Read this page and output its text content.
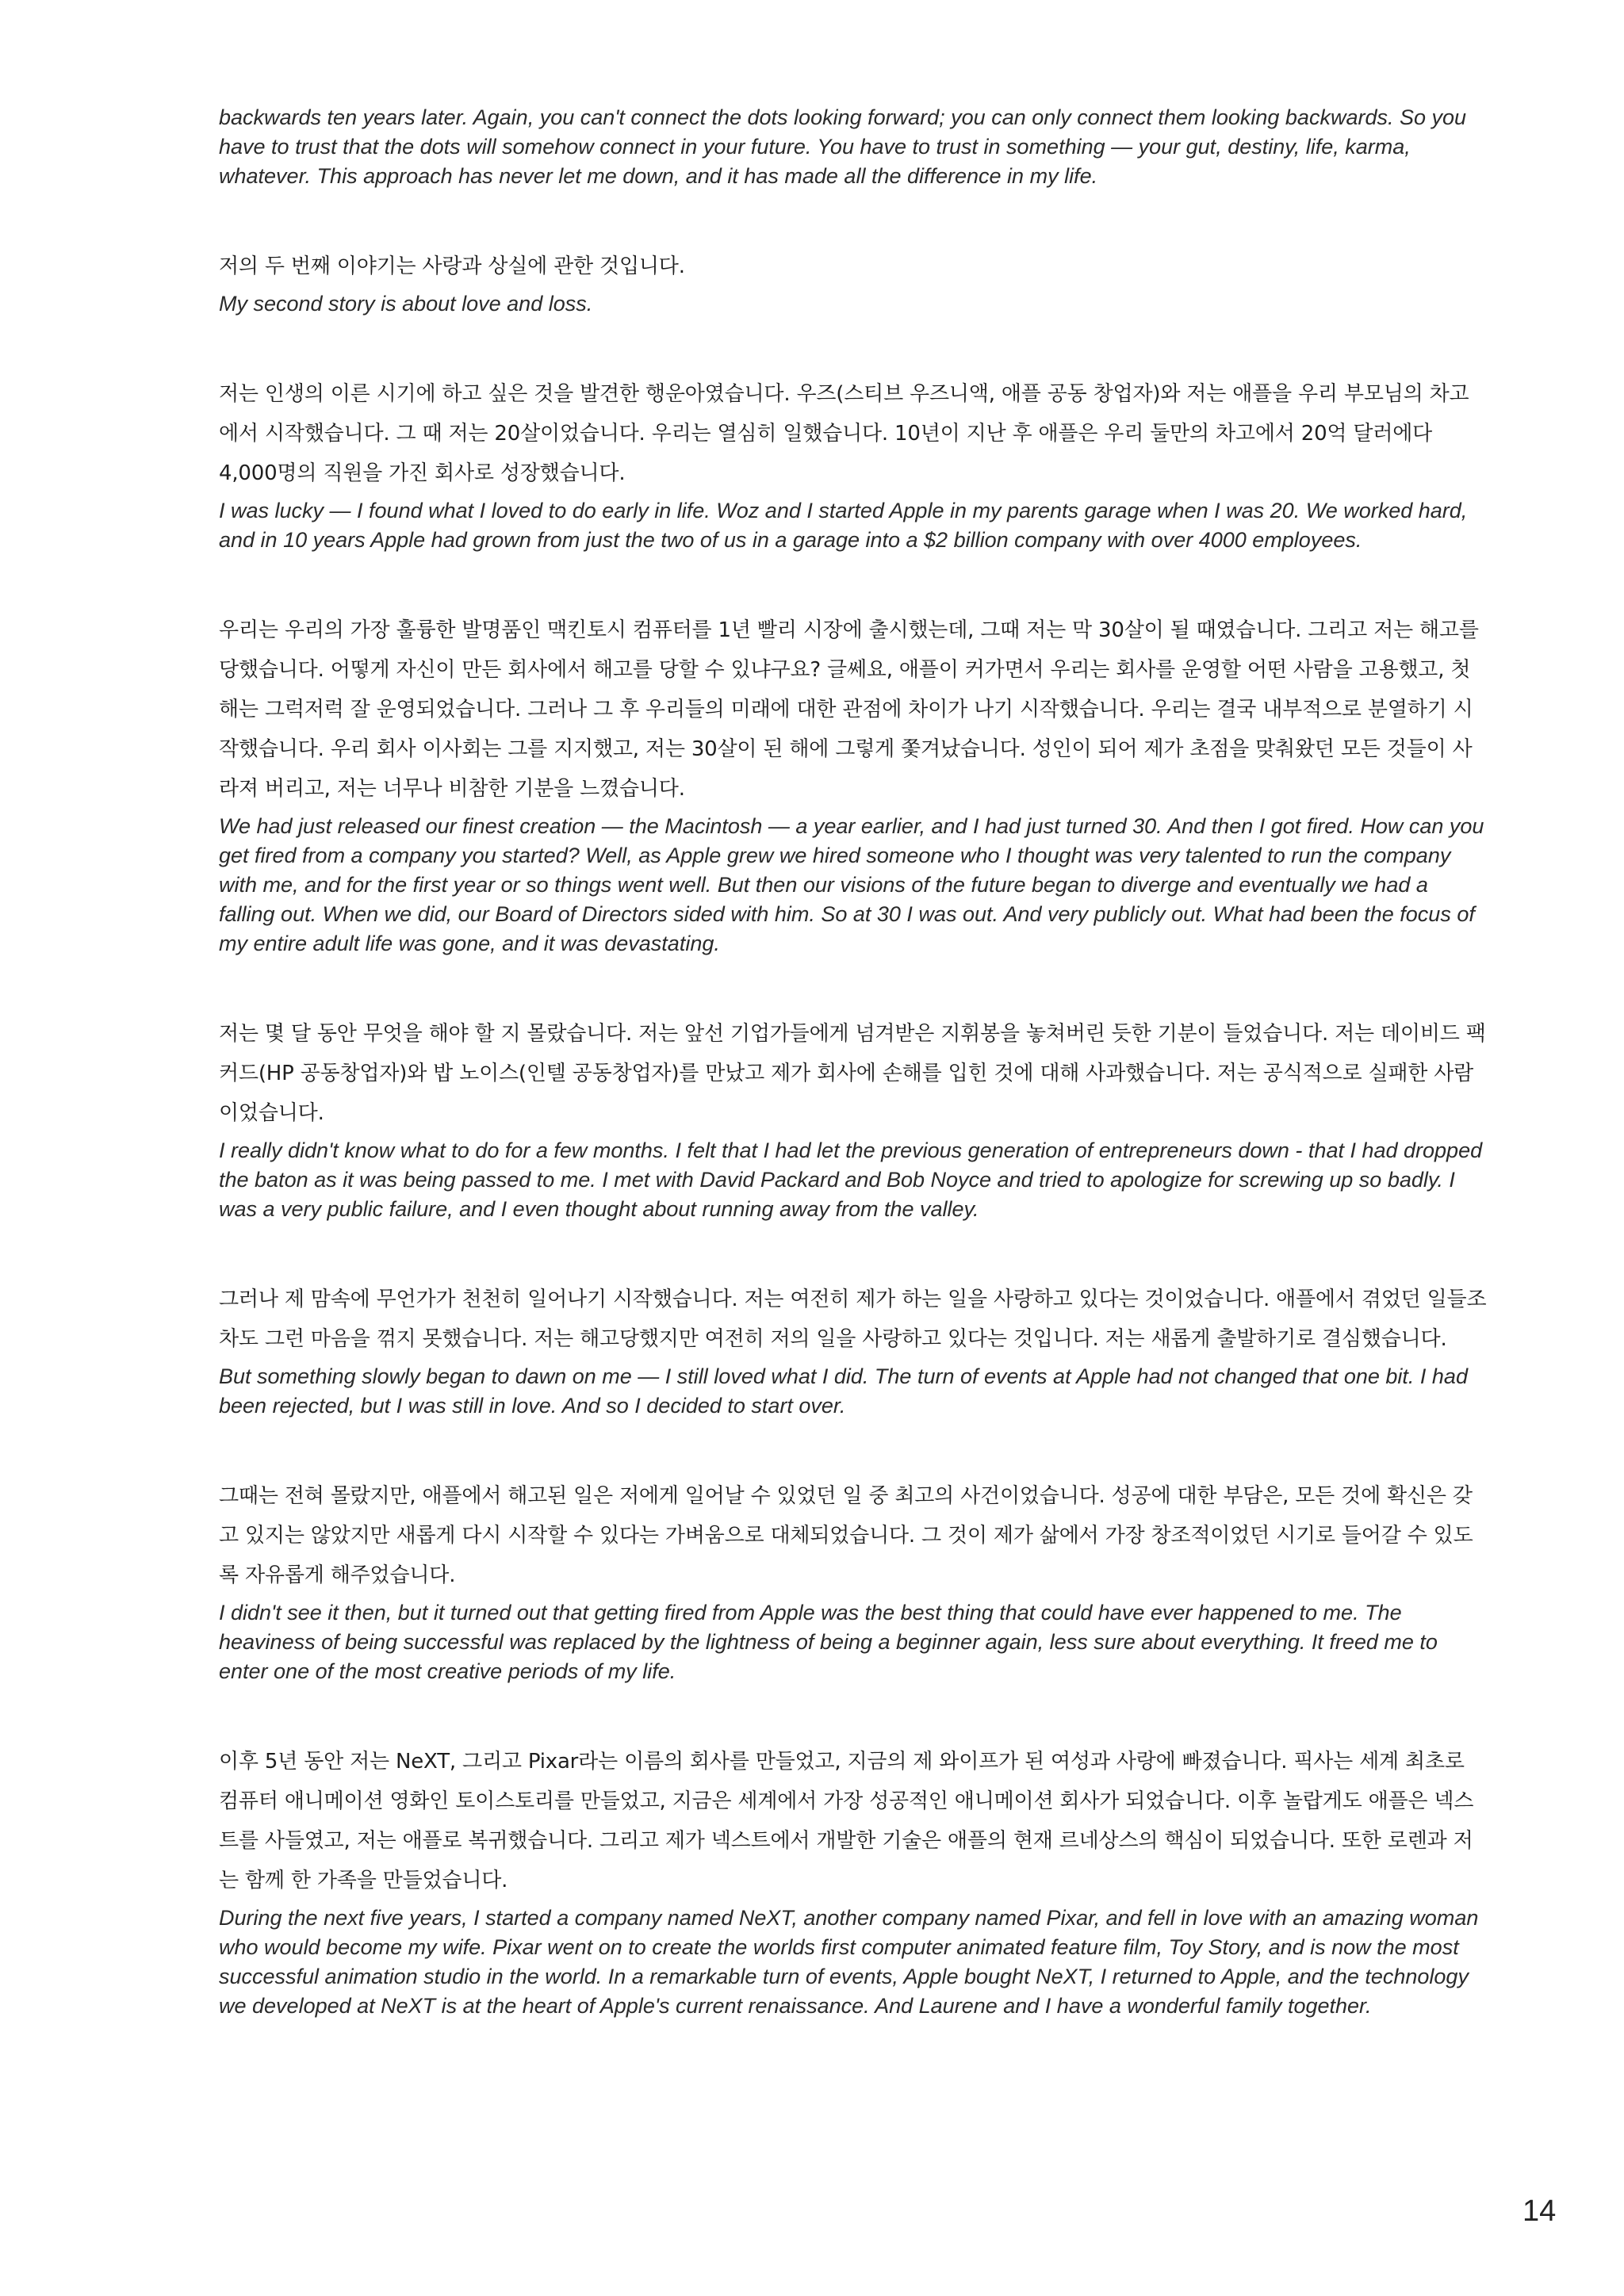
backwards ten years later. Again, you can't connect the dots looking forward; you can only connect them looking backwards. So you have to trust that the dots will somehow connect in your future. You have to trust in something — your gut, destiny, life, karma, whatever. This approach has never let me down, and it has made all the difference in my life.

저의 두 번째 이야기는 사랑과 상실에 관한 것입니다.

My second story is about love and loss.

저는 인생의 이른 시기에 하고 싶은 것을 발견한 행운아였습니다. 우즈(스티브 우즈니액, 애플 공동 창업자)와 저는 애플을 우리 부모님의 차고에서 시작했습니다. 그 때 저는 20살이었습니다. 우리는 열심히 일했습니다. 10년이 지난 후 애플은 우리 둘만의 차고에서 20억 달러에다 4,000명의 직원을 가진 회사로 성장했습니다.

I was lucky — I found what I loved to do early in life. Woz and I started Apple in my parents garage when I was 20. We worked hard, and in 10 years Apple had grown from just the two of us in a garage into a $2 billion company with over 4000 employees.

우리는 우리의 가장 훌륭한 발명품인 맥킨토시 컴퓨터를 1년 빨리 시장에 출시했는데, 그때 저는 막 30살이 될 때였습니다. 그리고 저는 해고를 당했습니다. 어떻게 자신이 만든 회사에서 해고를 당할 수 있냐구요? 글쎄요, 애플이 커가면서 우리는 회사를 운영할 어떤 사람을 고용했고, 첫 해는 그럭저럭 잘 운영되었습니다. 그러나 그 후 우리들의 미래에 대한 관점에 차이가 나기 시작했습니다. 우리는 결국 내부적으로 분열하기 시작했습니다. 우리 회사 이사회는 그를 지지했고, 저는 30살이 된 해에 그렇게 쫓겨났습니다. 성인이 되어 제가 초점을 맞춰왔던 모든 것들이 사라져 버리고, 저는 너무나 비참한 기분을 느꼈습니다.

We had just released our finest creation — the Macintosh — a year earlier, and I had just turned 30. And then I got fired. How can you get fired from a company you started? Well, as Apple grew we hired someone who I thought was very talented to run the company with me, and for the first year or so things went well. But then our visions of the future began to diverge and eventually we had a falling out. When we did, our Board of Directors sided with him. So at 30 I was out. And very publicly out. What had been the focus of my entire adult life was gone, and it was devastating.

저는 몇 달 동안 무엇을 해야 할 지 몰랐습니다. 저는 앞선 기업가들에게 넘겨받은 지휘봉을 놓쳐버린 듯한 기분이 들었습니다. 저는 데이비드 팩커드(HP 공동창업자)와 밥 노이스(인텔 공동창업자)를 만났고 제가 회사에 손해를 입힌 것에 대해 사과했습니다. 저는 공식적으로 실패한 사람이었습니다.

I really didn't know what to do for a few months. I felt that I had let the previous generation of entrepreneurs down - that I had dropped the baton as it was being passed to me. I met with David Packard and Bob Noyce and tried to apologize for screwing up so badly. I was a very public failure, and I even thought about running away from the valley.

그러나 제 맘속에 무언가가 천천히 일어나기 시작했습니다. 저는 여전히 제가 하는 일을 사랑하고 있다는 것이었습니다. 애플에서 겪었던 일들조차도 그런 마음을 꺾지 못했습니다. 저는 해고당했지만 여전히 저의 일을 사랑하고 있다는 것입니다. 저는 새롭게 출발하기로 결심했습니다.

But something slowly began to dawn on me — I still loved what I did. The turn of events at Apple had not changed that one bit. I had been rejected, but I was still in love. And so I decided to start over.

그때는 전혀 몰랐지만, 애플에서 해고된 일은 저에게 일어날 수 있었던 일 중 최고의 사건이었습니다. 성공에 대한 부담은, 모든 것에 확신은 갖고 있지는 않았지만 새롭게 다시 시작할 수 있다는 가벼움으로 대체되었습니다. 그 것이 제가 삶에서 가장 창조적이었던 시기로 들어갈 수 있도록 자유롭게 해주었습니다.

I didn't see it then, but it turned out that getting fired from Apple was the best thing that could have ever happened to me. The heaviness of being successful was replaced by the lightness of being a beginner again, less sure about everything. It freed me to enter one of the most creative periods of my life.

이후 5년 동안 저는 NeXT, 그리고 Pixar라는 이름의 회사를 만들었고, 지금의 제 와이프가 된 여성과 사랑에 빠졌습니다. 픽사는 세계 최초로 컴퓨터 애니메이션 영화인 토이스토리를 만들었고, 지금은 세계에서 가장 성공적인 애니메이션 회사가 되었습니다. 이후 놀랍게도 애플은 넥스트를 사들였고, 저는 애플로 복귀했습니다. 그리고 제가 넥스트에서 개발한 기술은 애플의 현재 르네상스의 핵심이 되었습니다. 또한 로렌과 저는 함께 한 가족을 만들었습니다.

During the next five years, I started a company named NeXT, another company named Pixar, and fell in love with an amazing woman who would become my wife. Pixar went on to create the worlds first computer animated feature film, Toy Story, and is now the most successful animation studio in the world. In a remarkable turn of events, Apple bought NeXT, I returned to Apple, and the technology we developed at NeXT is at the heart of Apple's current renaissance. And Laurene and I have a wonderful family together.

14
